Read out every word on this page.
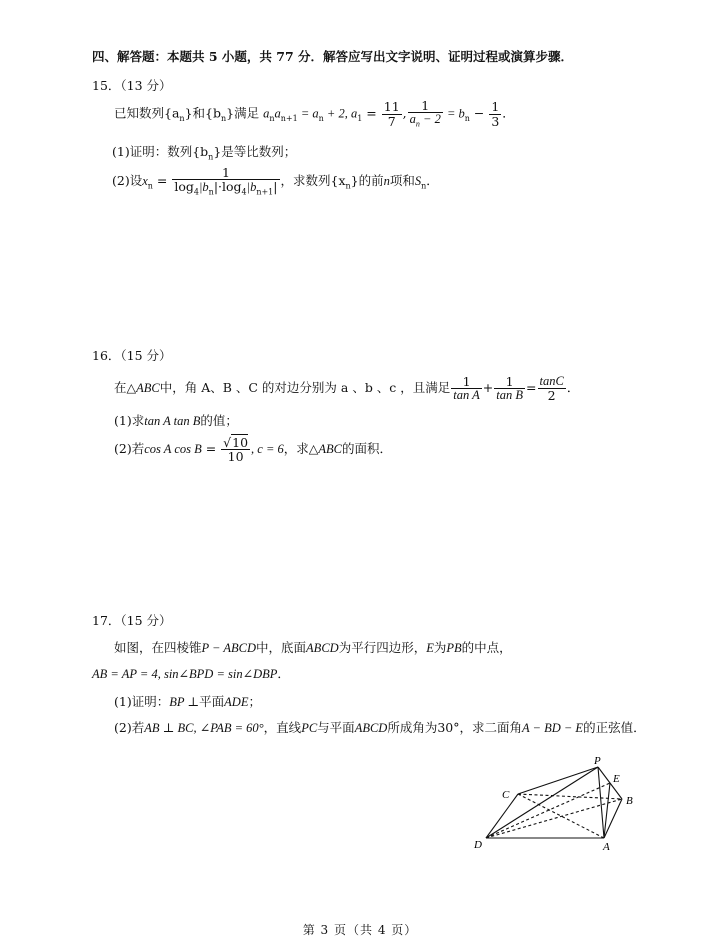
四、解答题：本题共 5 小题，共 77 分．解答应写出文字说明、证明过程或演算步骤．
15．（13 分）
已知数列$\{a_n\}$和$\{b_n\}$满足 $a_na_{n+1} = a_n + 2$, $a_1 = \frac{11}{7}$ , $\frac{1}{a_n - 2} = b_n - \frac{1}{3}$ ．
(1)证明：数列$\{b_n\}$是等比数列；
(2)设$x_n = \frac{1}{\log_4|b_n|\cdot\log_4|b_{n+1}|}$ ，求数列$\{x_n\}$的前n项和$S_n$．
16．（15 分）
在△ABC中，角 A、B 、C 的对边分别为 a 、b 、c ，且满足 $\frac{1}{\text{tan A}} + \frac{1}{\text{tan B}} = \frac{\tan C}{2}$ ．
(1)求tan A tan B的值；
(2)若cos A $\cos B = \frac{√10}{10}$ , c = 6，求△ABC的面积．
17．（15 分）
如图，在四棱锥P − ABCD中，底面ABCD为平行四边形，E为PB的中点，
AB = AP = 4, sin∠BPD = sin∠DBP．
(1)证明：BP ⊥平面ADE；
(2)若AB ⊥ BC, ∠PAB = 60°，直线PC与平面ABCD所成角为30°，求二面角A − BD − E的正弦值．
P
E
B
C
D	A
第 3 页（共 4 页）
